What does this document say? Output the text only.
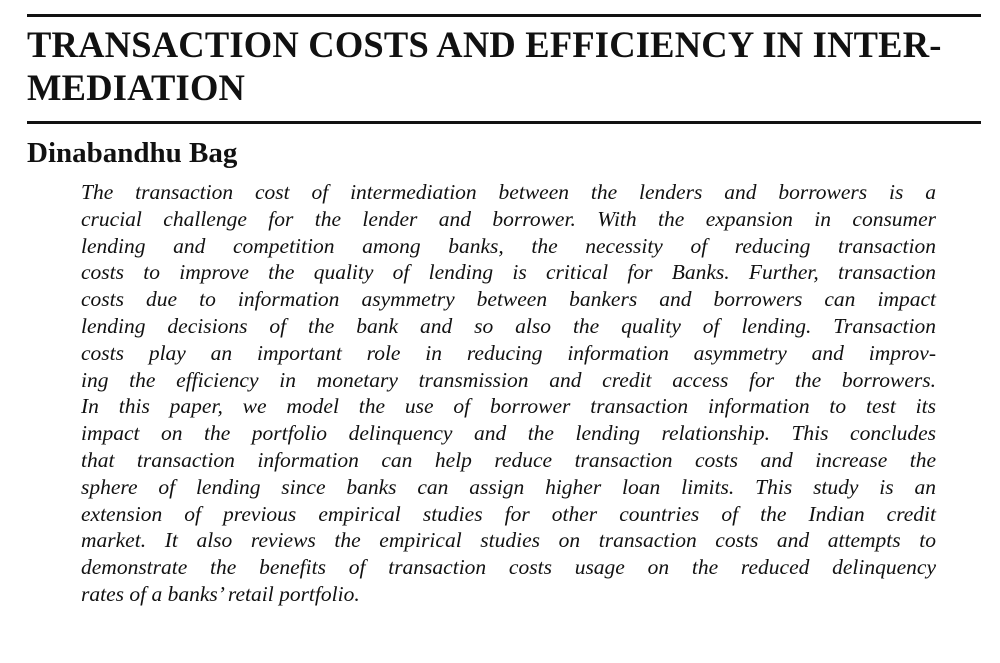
TRANSACTION COSTS AND EFFICIENCY IN INTER-
MEDIATION
Dinabandhu Bag
The transaction cost of intermediation between the lenders and borrowers is a
crucial challenge for the lender and borrower. With the expansion in consumer
lending and competition among banks, the necessity of reducing transaction
costs to improve the quality of lending is critical for Banks. Further, transaction
costs due to information asymmetry between bankers and borrowers can impact
lending decisions of the bank and so also the quality of lending. Transaction
costs play an important role in reducing information asymmetry and improv-
ing the efficiency in monetary transmission and credit access for the borrowers.
In this paper, we model the use of borrower transaction information to test its
impact on the portfolio delinquency and the lending relationship. This concludes
that transaction information can help reduce transaction costs and increase the
sphere of lending since banks can assign higher loan limits. This study is an
extension of previous empirical studies for other countries of the Indian credit
market. It also reviews the empirical studies on transaction costs and attempts to
demonstrate the benefits of transaction costs usage on the reduced delinquency
rates of a banks’ retail portfolio.
